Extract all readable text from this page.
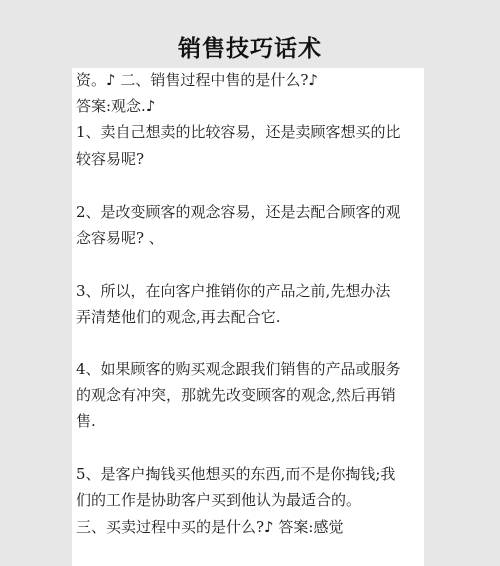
销售技巧话术
资。♪ 二、销售过程中售的是什么?♪
答案:观念.♪
1、卖自己想卖的比较容易，还是卖顾客想买的比
较容易呢?
2、是改变顾客的观念容易，还是去配合顾客的观
念容易呢? 、
3、所以，在向客户推销你的产品之前,先想办法
弄清楚他们的观念,再去配合它.
4、如果顾客的购买观念跟我们销售的产品或服务
的观念有冲突，那就先改变顾客的观念,然后再销
售.
5、是客户掏钱买他想买的东西,而不是你掏钱;我
们的工作是协助客户买到他认为最适合的。
三、买卖过程中买的是什么?♪ 答案:感觉
